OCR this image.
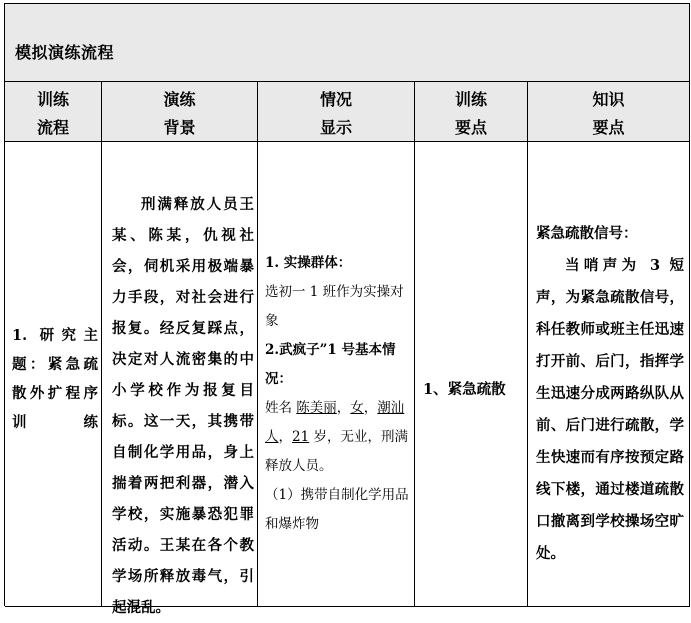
模拟演练流程
训练
流程
演练
背景
情况
显示
训练
要点
知识
要点
1. 研究主题：紧急疏散外扩程序训练
刑满释放人员王某、陈某，仇视社会，伺机采用极端暴力手段，对社会进行报复。经反复踩点，决定对人流密集的中小学校作为报复目标。这一天，其携带自制化学用品，身上揣着两把利器，潜入学校，实施暴恐犯罪活动。王某在各个教学场所释放毒气，引起混乱。
1. 实操群体：
选初一 1 班作为实操对象
2.武疯子”1 号基本情况：
姓名 陈美丽，女，潮汕人，21 岁，无业，刑满释放人员。
（1）携带自制化学用品和爆炸物
1、紧急疏散
紧急疏散信号：
当哨声为 3 短声，为紧急疏散信号，科任教师或班主任迅速打开前、后门，指挥学生迅速分成两路纵队从前、后门进行疏散，学生快速而有序按预定路线下楼，通过楼道疏散口撤离到学校操场空旷处。
